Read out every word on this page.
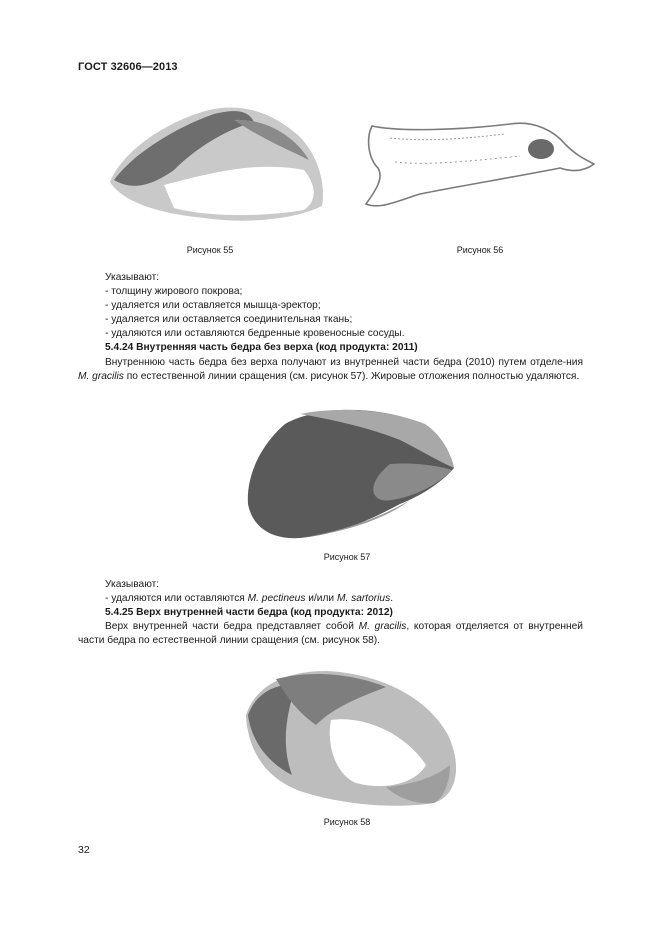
ГОСТ 32606—2013
Рисунок 55	Рисунок 56

Указывают:

- толщину жирового покрова;

- удаляется или оставляется мышца-эректор;

- удаляется или оставляется соединительная ткань;

- удаляются или оставляются бедренные кровеносные сосуды.

5.4.24 Внутренняя часть бедра без верха (код продукта: 2011)

Внутреннюю часть бедра без верха получают из внутренней части бедра (2010) путем отделе-ния M. gracilis по естественной линии сращения (см. рисунок 57). Жировые отложения полностью удаляются.

Рисунок 57

Указывают:

- удаляются или оставляются M. pectineus и/или M. sartorius.

5.4.25 Верх внутренней части бедра (код продукта: 2012)

Верх внутренней части бедра представляет собой M. gracilis, которая отделяется от внутренней части бедра по естественной линии сращения (см. рисунок 58).

Рисунок 58
32
